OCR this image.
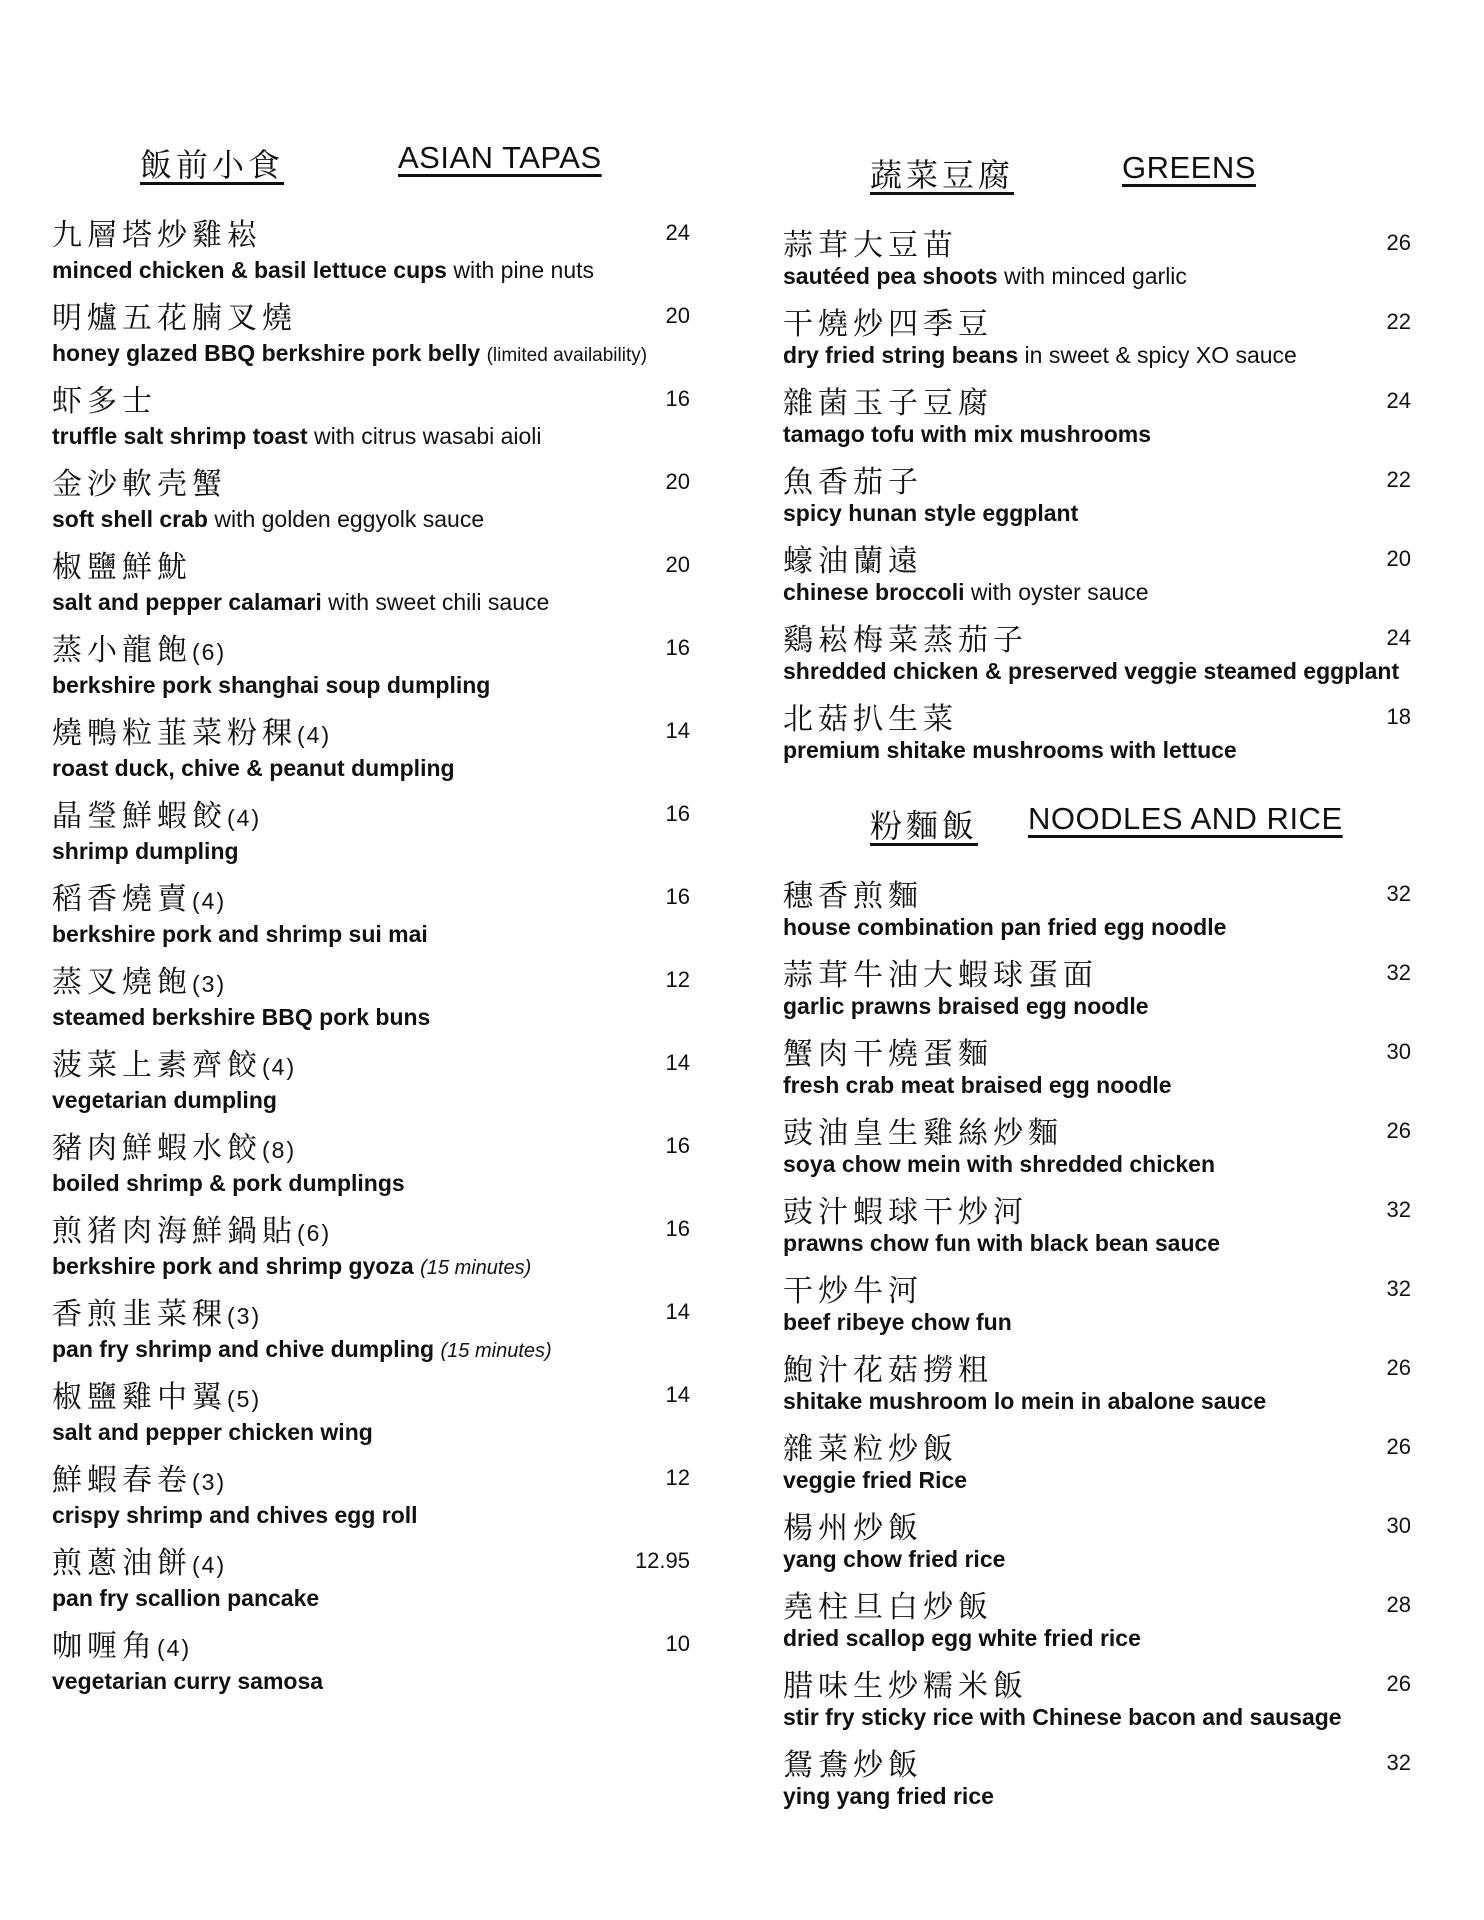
飯前小食	ASIAN TAPAS
九層塔炒雞崧	24
minced chicken & basil lettuce cups with pine nuts
明爐五花腩叉燒	20
honey glazed BBQ berkshire pork belly (limited availability)
虾多士	16
truffle salt shrimp toast with citrus wasabi aioli
金沙軟壳蟹	20
soft shell crab with golden eggyolk sauce
椒鹽鮮魷	20
salt and pepper calamari with sweet chili sauce
蒸小龍飽(6)	16
berkshire pork shanghai soup dumpling
燒鴨粒韮菜粉稞(4)	14
roast duck, chive & peanut dumpling
晶瑩鮮蝦餃(4)	16
shrimp dumpling
稻香燒賣(4)	16
berkshire pork and shrimp sui mai
蒸叉燒飽(3)	12
steamed berkshire BBQ pork buns
菠菜上素齊餃(4)	14
vegetarian dumpling
豬肉鮮蝦水餃(8)	16
boiled shrimp & pork dumplings
煎猪肉海鮮鍋貼(6)	16
berkshire pork and shrimp gyoza (15 minutes)
香煎韭菜稞(3)	14
pan fry shrimp and chive dumpling (15 minutes)
椒鹽雞中翼(5)	14
salt and pepper chicken wing
鮮蝦春卷(3)	12
crispy shrimp and chives egg roll
煎蔥油餅(4)	12.95
pan fry scallion pancake
咖喱角(4)	10
vegetarian curry samosa
蔬菜豆腐	GREENS
蒜茸大豆苗	26
sautéed pea shoots with minced garlic
干燒炒四季豆	22
dry fried string beans in sweet & spicy XO sauce
雜菌玉子豆腐	24
tamago tofu with mix mushrooms
魚香茄子	22
spicy hunan style eggplant
蠔油蘭遠	20
chinese broccoli with oyster sauce
鷄崧梅菜蒸茄子	24
shredded chicken & preserved veggie steamed eggplant
北菇扒生菜	18
premium shitake mushrooms with lettuce
粉麵飯 NOODLES AND RICE
穗香煎麵	32
house combination pan fried egg noodle
蒜茸牛油大蝦球蛋面	32
garlic prawns braised egg noodle
蟹肉干燒蛋麵	30
fresh crab meat braised egg noodle
豉油皇生雞絲炒麵	26
soya chow mein with shredded chicken
豉汁蝦球干炒河	32
prawns chow fun with black bean sauce
干炒牛河	32
beef ribeye chow fun
鮑汁花菇撈粗	26
shitake mushroom lo mein in abalone sauce
雜菜粒炒飯	26
veggie fried Rice
楊州炒飯	30
yang chow fried rice
堯柱旦白炒飯	28
dried scallop egg white fried rice
腊味生炒糯米飯	26
stir fry sticky rice with Chinese bacon and sausage
鴛鴦炒飯	32
ying yang fried rice
